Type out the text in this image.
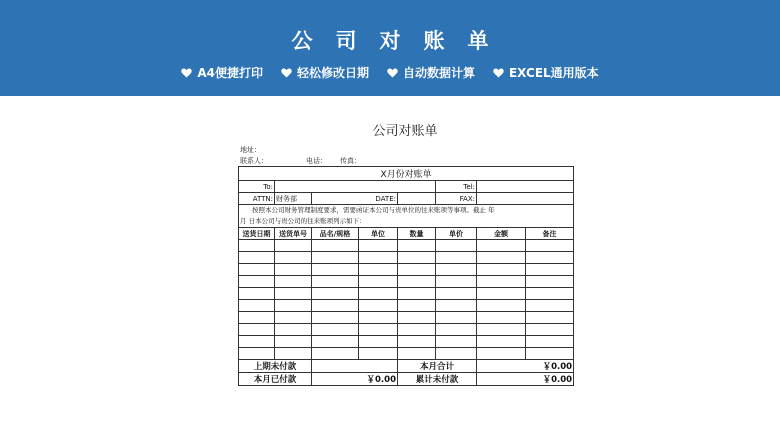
公司对账单
A4便捷打印	轻松修改日期	自动数据计算	EXCEL通用版本
公司对账单
地址：
联系人：	电话： 传真：
X月份对账单							
To:					Tel:		
ATTN:	财务部	DATE:			FAX:		

按照本公司财务管理制度要求，需要函证本公司与贵单位的往来账项等事项。截止 年
月 日本公司与贵公司的往来账项列示如下：							

送货日期	送货单号	品名/规格	单位	数量	单价	金额	备注

上期未付款				本月合计		￥0.00	
本月已付款		￥0.00		累计未付款		￥0.00	
